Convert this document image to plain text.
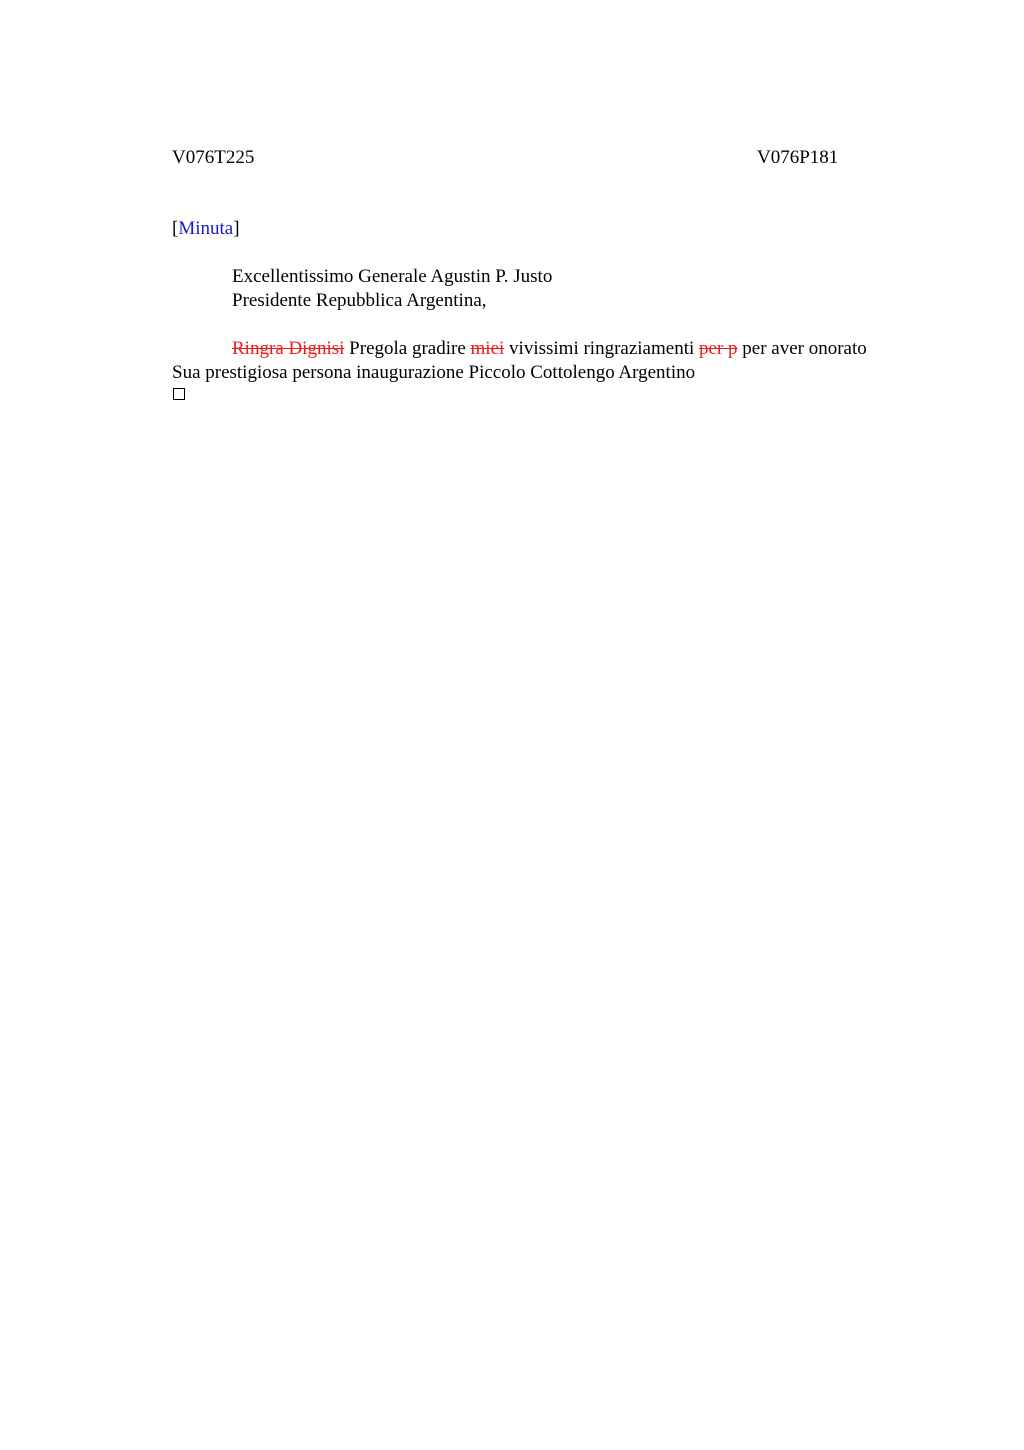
V076T225	V076P181
[Minuta]
Excellentissimo Generale Agustin P. Justo
Presidente Repubblica Argentina,
Ringra Dignisi Pregola gradire miei vivissimi ringraziamenti per p per aver onorato
Sua prestigiosa persona inaugurazione Piccolo Cottolengo Argentino
